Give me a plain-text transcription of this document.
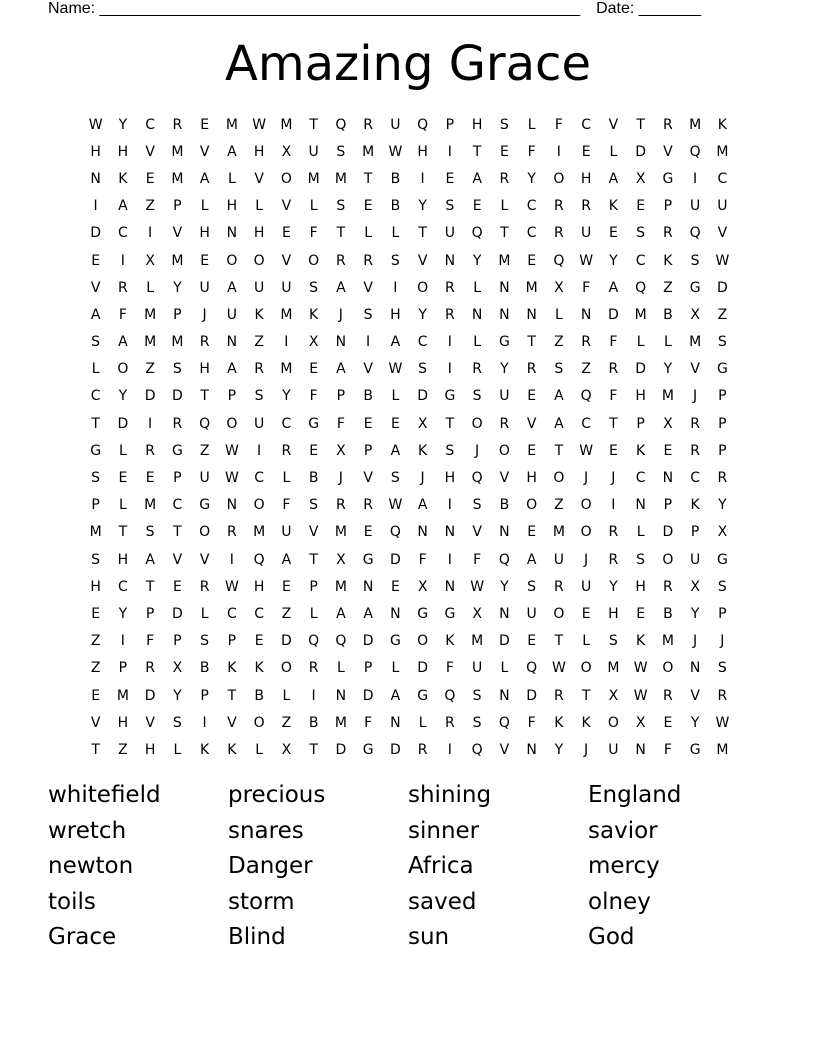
Name: ______________________________________________________ Date: _______
Amazing Grace
W	Y	C	R	E	M	W	M	T	Q	R	U	Q	P	H	S	L	F	C	V	T	R	M	K
H	H	V	M	V	A	H	X	U	S	M	W	H	I	T	E	F	I	E	L	D	V	Q	M
N	K	E	M	A	L	V	O	M	M	T	B	I	E	A	R	Y	O	H	A	X	G	I	C
I	A	Z	P	L	H	L	V	L	S	E	B	Y	S	E	L	C	R	R	K	E	P	U	U
D	C	I	V	H	N	H	E	F	T	L	L	T	U	Q	T	C	R	U	E	S	R	Q	V
E	I	X	M	E	O	O	V	O	R	R	S	V	N	Y	M	E	Q	W	Y	C	K	S	W
V	R	L	Y	U	A	U	U	S	A	V	I	O	R	L	N	M	X	F	A	Q	Z	G	D
A	F	M	P	J	U	K	M	K	J	S	H	Y	R	N	N	N	L	N	D	M	B	X	Z
S	A	M	M	R	N	Z	I	X	N	I	A	C	I	L	G	T	Z	R	F	L	L	M	S
L	O	Z	S	H	A	R	M	E	A	V	W	S	I	R	Y	R	S	Z	R	D	Y	V	G
C	Y	D	D	T	P	S	Y	F	P	B	L	D	G	S	U	E	A	Q	F	H	M	J	P
T	D	I	R	Q	O	U	C	G	F	E	E	X	T	O	R	V	A	C	T	P	X	R	P
G	L	R	G	Z	W	I	R	E	X	P	A	K	S	J	O	E	T	W	E	K	E	R	P
S	E	E	P	U	W	C	L	B	J	V	S	J	H	Q	V	H	O	J	J	C	N	C	R
P	L	M	C	G	N	O	F	S	R	R	W	A	I	S	B	O	Z	O	I	N	P	K	Y
M	T	S	T	O	R	M	U	V	M	E	Q	N	N	V	N	E	M	O	R	L	D	P	X
S	H	A	V	V	I	Q	A	T	X	G	D	F	I	F	Q	A	U	J	R	S	O	U	G
H	C	T	E	R	W	H	E	P	M	N	E	X	N	W	Y	S	R	U	Y	H	R	X	S
E	Y	P	D	L	C	C	Z	L	A	A	N	G	G	X	N	U	O	E	H	E	B	Y	P
Z	I	F	P	S	P	E	D	Q	Q	D	G	O	K	M	D	E	T	L	S	K	M	J	J
Z	P	R	X	B	K	K	O	R	L	P	L	D	F	U	L	Q	W	O	M	W	O	N	S
E	M	D	Y	P	T	B	L	I	N	D	A	G	Q	S	N	D	R	T	X	W	R	V	R
V	H	V	S	I	V	O	Z	B	M	F	N	L	R	S	Q	F	K	K	O	X	E	Y	W
T	Z	H	L	K	K	L	X	T	D	G	D	R	I	Q	V	N	Y	J	U	N	F	G	M
whitefield	precious	shining	England
wretch	snares	sinner	savior
newton	Danger	Africa	mercy
toils	storm	saved	olney
Grace	Blind	sun	God
